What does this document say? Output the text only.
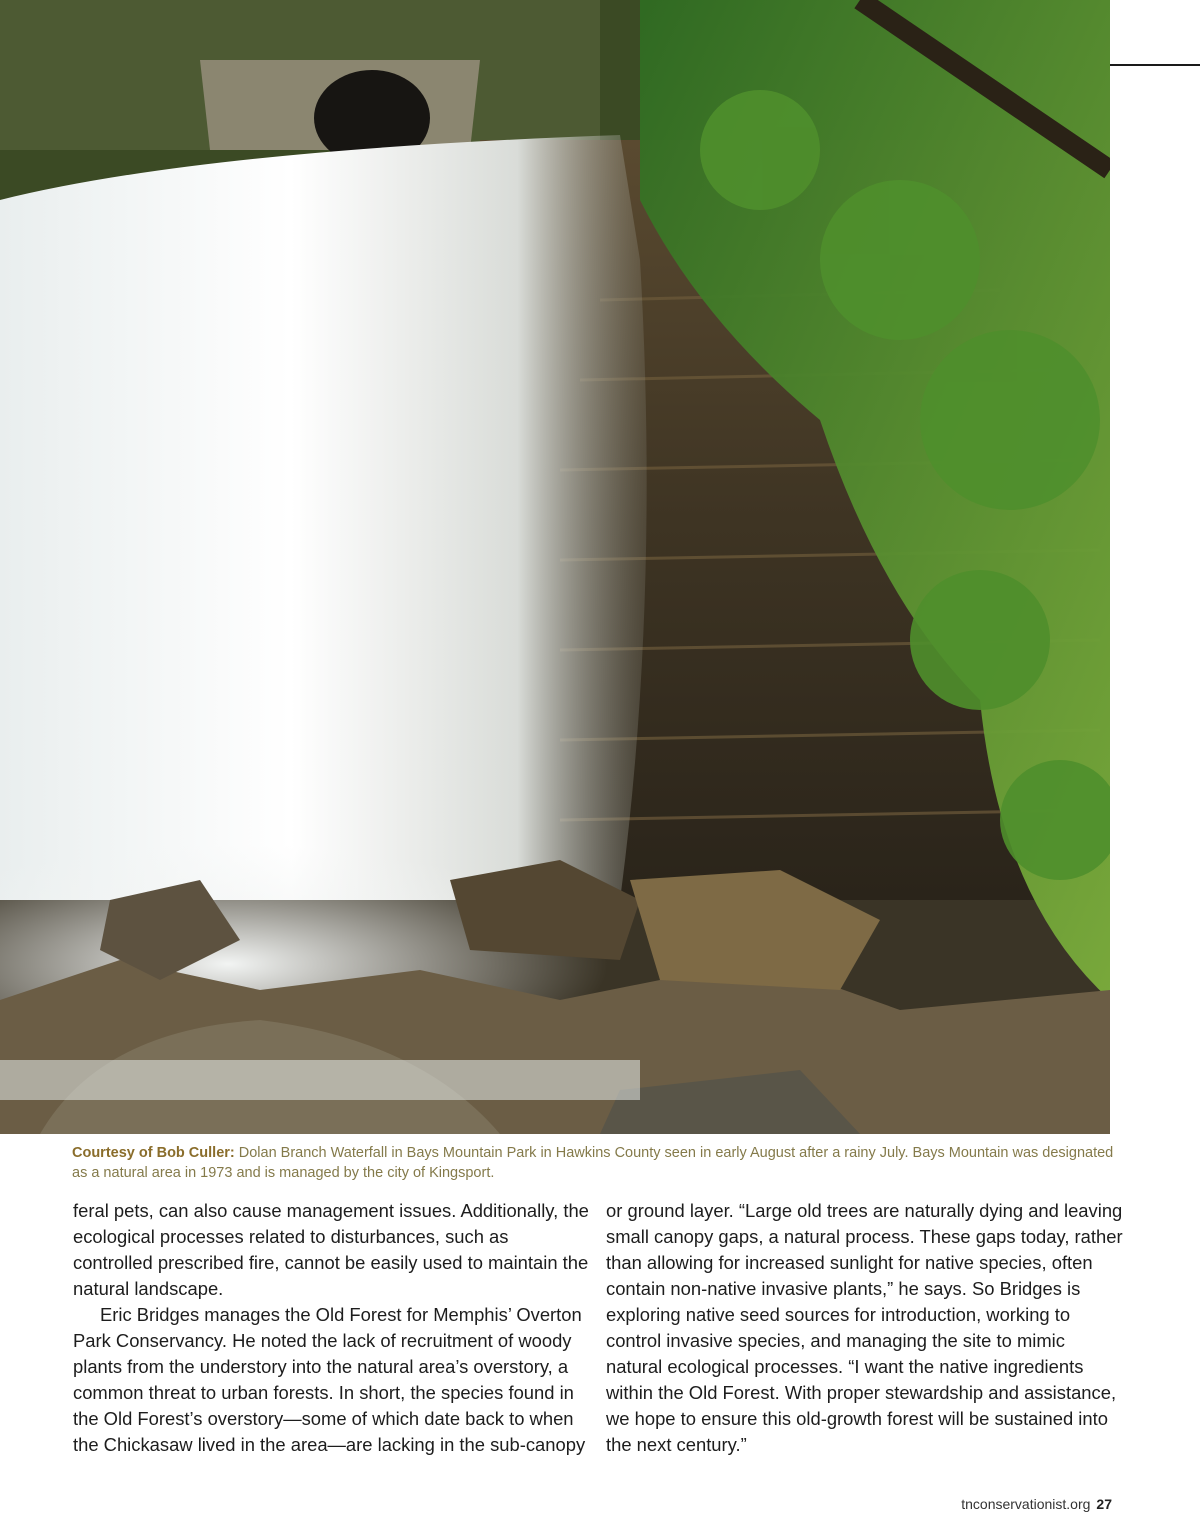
Courtesy of Bob Culler: Dolan Branch Waterfall in Bays Mountain Park in Hawkins County seen in early August after a rainy July. Bays Mountain was designated as a natural area in 1973 and is managed by the city of Kingsport.

feral pets, can also cause management issues. Additionally, the ecological processes related to disturbances, such as controlled prescribed fire, cannot be easily used to maintain the natural landscape.

Eric Bridges manages the Old Forest for Memphis’ Overton Park Conservancy. He noted the lack of recruitment of woody plants from the understory into the natural area’s overstory, a common threat to urban forests. In short, the species found in the Old Forest’s overstory—some of which date back to when the Chickasaw lived in the area—are lacking in the sub-canopy

or ground layer. “Large old trees are naturally dying and leaving small canopy gaps, a natural process. These gaps today, rather than allowing for increased sunlight for native species, often contain non-native invasive plants,” he says. So Bridges is exploring native seed sources for introduction, working to control invasive species, and managing the site to mimic natural ecological processes. “I want the native ingredients within the Old Forest. With proper stewardship and assistance, we hope to ensure this old-growth forest will be sustained into the next century.”

tnconservationist.org 27
